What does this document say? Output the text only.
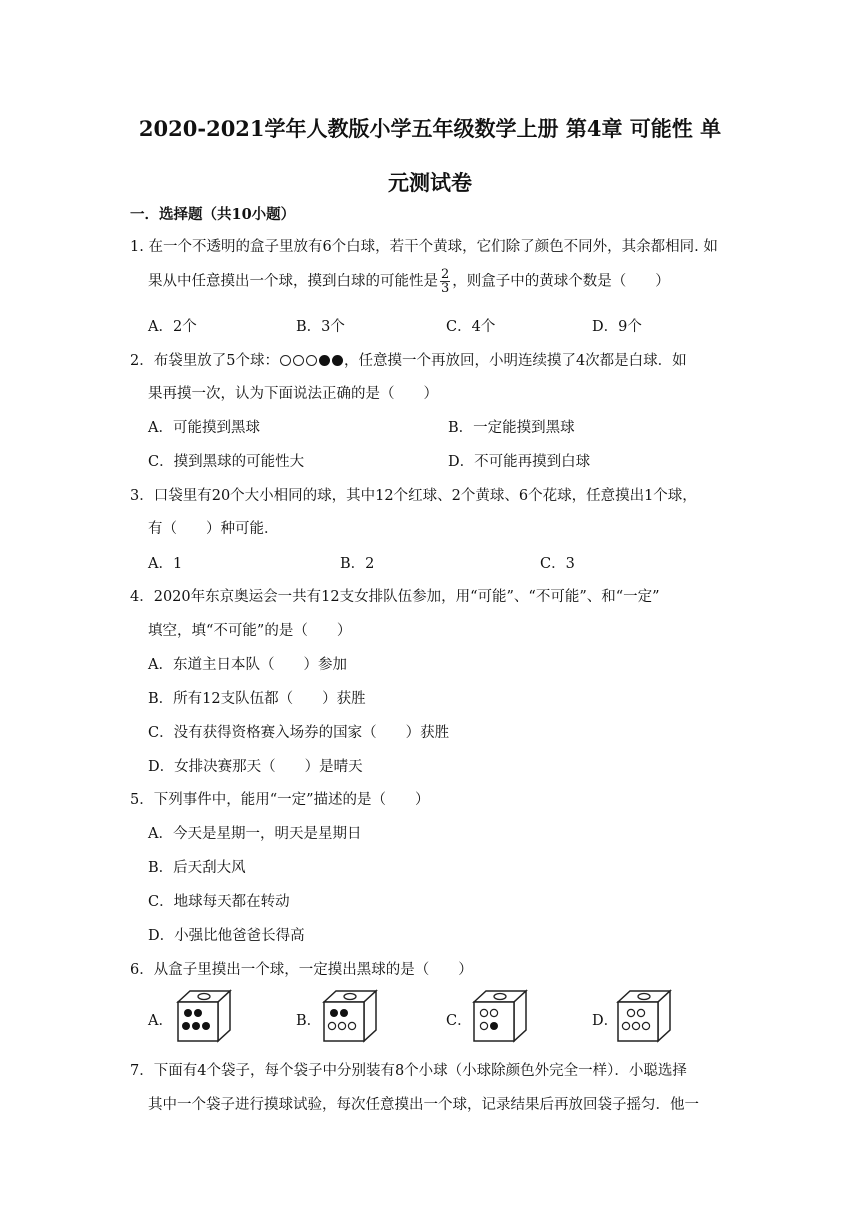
2020-2021学年人教版小学五年级数学上册 第4章 可能性 单
元测试卷
一．选择题（共10小题）
1. 在一个不透明的盒子里放有6个白球，若干个黄球，它们除了颜色不同外，其余都相同. 如
果从中任意摸出一个球，摸到白球的可能性是 $\frac{2}{3}$ ，则盒子中的黄球个数是（　　）
A．2个	B．3个	C．4个	D．9个
2．布袋里放了5个球：	，任意摸一个再放回，小明连续摸了4次都是白球．如
果再摸一次，认为下面说法正确的是（　　）
A．可能摸到黑球	B．一定能摸到黑球
C．摸到黑球的可能性大	D．不可能再摸到白球
3．口袋里有20个大小相同的球，其中12个红球、2个黄球、6个花球，任意摸出1个球，
有（　　）种可能．
A．1	B．2	C．3
4．2020年东京奥运会一共有12支女排队伍参加，用“可能”、“不可能”、和“一定”
填空，填“不可能”的是（　　）
A．东道主日本队（　　）参加
B．所有12支队伍都（　　）获胜
C．没有获得资格赛入场券的国家（　　）获胜
D．女排决赛那天（　　）是晴天
5．下列事件中，能用“一定”描述的是（　　）
A．今天是星期一，明天是星期日
B．后天刮大风
C．地球每天都在转动
D．小强比他爸爸长得高
6．从盒子里摸出一个球，一定摸出黑球的是（　　）
A．	B．	C．	D．
7．下面有4个袋子，每个袋子中分别装有8个小球（小球除颜色外完全一样）．小聪选择
其中一个袋子进行摸球试验，每次任意摸出一个球，记录结果后再放回袋子摇匀．他一
